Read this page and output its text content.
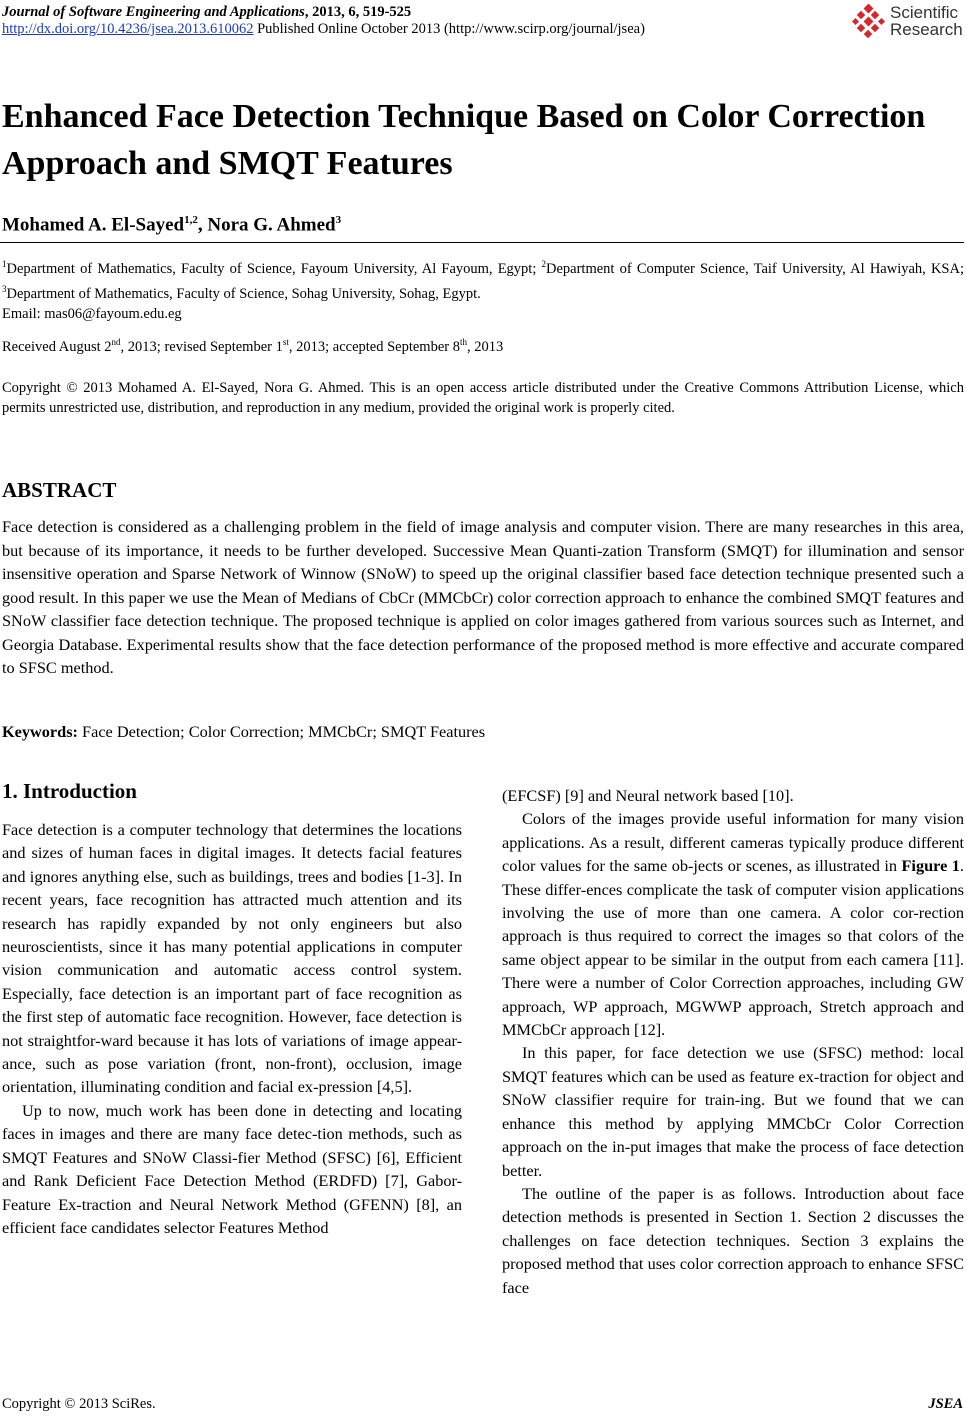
Journal of Software Engineering and Applications, 2013, 6, 519-525
http://dx.doi.org/10.4236/jsea.2013.610062 Published Online October 2013 (http://www.scirp.org/journal/jsea)
Scientific
Research
Enhanced Face Detection Technique Based on Color Correction Approach and SMQT Features
Mohamed A. El-Sayed$^{1,2}$, Nora G. Ahmed$^3$
$^1$Department of Mathematics, Faculty of Science, Fayoum University, Al Fayoum, Egypt; $^2$Department of Computer Science, Taif University, Al Hawiyah, KSA; $^3$Department of Mathematics, Faculty of Science, Sohag University, Sohag, Egypt.
Email: mas06@fayoum.edu.eg
Received August 2nd, 2013; revised September 1st, 2013; accepted September 8th, 2013
Copyright © 2013 Mohamed A. El-Sayed, Nora G. Ahmed. This is an open access article distributed under the Creative Commons Attribution License, which permits unrestricted use, distribution, and reproduction in any medium, provided the original work is properly cited.
ABSTRACT
Face detection is considered as a challenging problem in the field of image analysis and computer vision. There are many researches in this area, but because of its importance, it needs to be further developed. Successive Mean Quanti-zation Transform (SMQT) for illumination and sensor insensitive operation and Sparse Network of Winnow (SNoW) to speed up the original classifier based face detection technique presented such a good result. In this paper we use the Mean of Medians of CbCr (MMCbCr) color correction approach to enhance the combined SMQT features and SNoW classifier face detection technique. The proposed technique is applied on color images gathered from various sources such as Internet, and Georgia Database. Experimental results show that the face detection performance of the proposed method is more effective and accurate compared to SFSC method.
Keywords: Face Detection; Color Correction; MMCbCr; SMQT Features
1. Introduction

Face detection is a computer technology that determines the locations and sizes of human faces in digital images. It detects facial features and ignores anything else, such as buildings, trees and bodies [1-3]. In recent years, face recognition has attracted much attention and its research has rapidly expanded by not only engineers but also neuroscientists, since it has many potential applications in computer vision communication and automatic access control system. Especially, face detection is an important part of face recognition as the first step of automatic face recognition. However, face detection is not straightfor-ward because it has lots of variations of image appear-ance, such as pose variation (front, non-front), occlusion, image orientation, illuminating condition and facial ex-pression [4,5].

Up to now, much work has been done in detecting and locating faces in images and there are many face detec-tion methods, such as SMQT Features and SNoW Classi-fier Method (SFSC) [6], Efficient and Rank Deficient Face Detection Method (ERDFD) [7], Gabor-Feature Ex-traction and Neural Network Method (GFENN) [8], an efficient face candidates selector Features Method

(EFCSF) [9] and Neural network based [10].

Colors of the images provide useful information for many vision applications. As a result, different cameras typically produce different color values for the same ob-jects or scenes, as illustrated in Figure 1. These differ-ences complicate the task of computer vision applications involving the use of more than one camera. A color cor-rection approach is thus required to correct the images so that colors of the same object appear to be similar in the output from each camera [11]. There were a number of Color Correction approaches, including GW approach, WP approach, MGWWP approach, Stretch approach and MMCbCr approach [12].

In this paper, for face detection we use (SFSC) method: local SMQT features which can be used as feature ex-traction for object and SNoW classifier require for train-ing. But we found that we can enhance this method by applying MMCbCr Color Correction approach on the in-put images that make the process of face detection better.

The outline of the paper is as follows. Introduction about face detection methods is presented in Section 1. Section 2 discusses the challenges on face detection techniques. Section 3 explains the proposed method that uses color correction approach to enhance SFSC face

Copyright © 2013 SciRes.	JSEA
